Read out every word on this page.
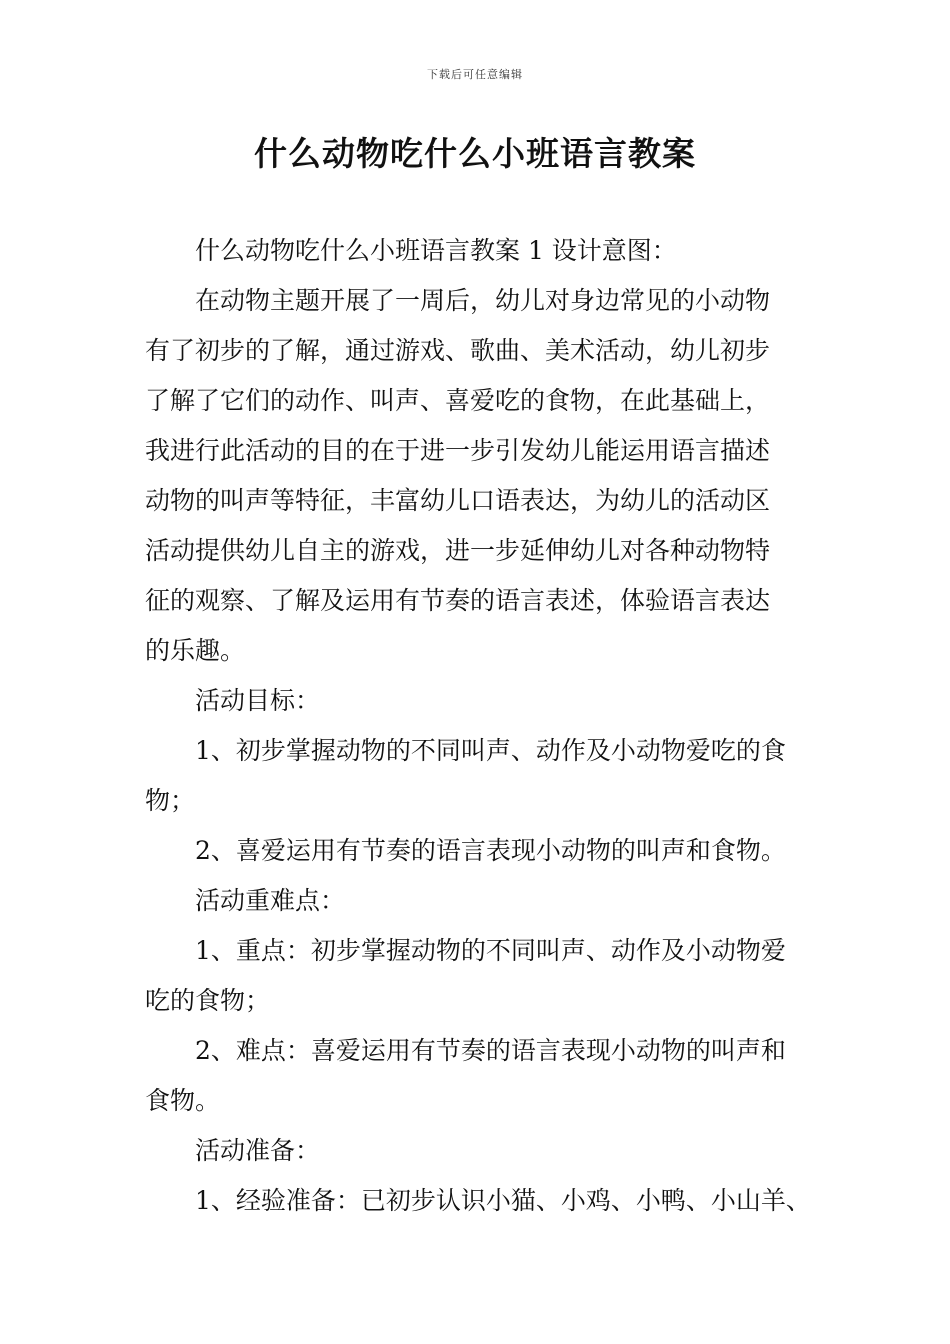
下载后可任意编辑
什么动物吃什么小班语言教案
什么动物吃什么小班语言教案 1 设计意图：
在动物主题开展了一周后，幼儿对身边常见的小动物
有了初步的了解，通过游戏、歌曲、美术活动，幼儿初步
了解了它们的动作、叫声、喜爱吃的食物，在此基础上，
我进行此活动的目的在于进一步引发幼儿能运用语言描述
动物的叫声等特征，丰富幼儿口语表达，为幼儿的活动区
活动提供幼儿自主的游戏，进一步延伸幼儿对各种动物特
征的观察、了解及运用有节奏的语言表述，体验语言表达
的乐趣。
活动目标：
1、初步掌握动物的不同叫声、动作及小动物爱吃的食
物；
2、喜爱运用有节奏的语言表现小动物的叫声和食物。
活动重难点：
1、重点：初步掌握动物的不同叫声、动作及小动物爱
吃的食物；
2、难点：喜爱运用有节奏的语言表现小动物的叫声和
食物。
活动准备：
1、经验准备：已初步认识小猫、小鸡、小鸭、小山羊、
